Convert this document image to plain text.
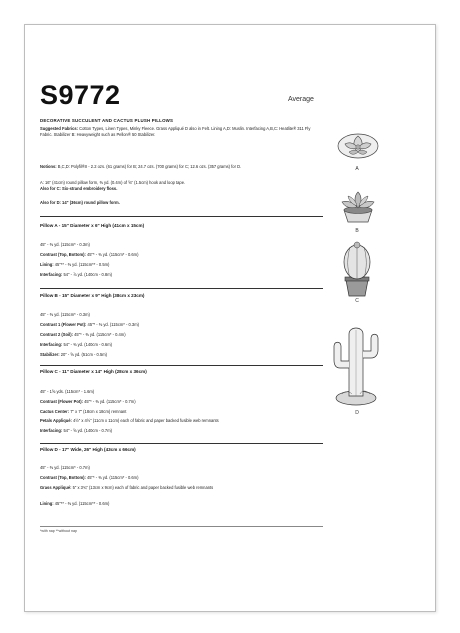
S9772	Average
DECORATIVE SUCCULENT AND CACTUS PLUSH PILLOWS
Suggested Fabrics: Cotton Types, Linen Types, Minky Fleece. Grass Appliqué D also in Felt. Lining A,D: Muslin. Interfacing A,B,C: Heatlite® 311 Fly Fabric. Stabilizer B: Heavyweight such as Pellon® 50 Stabilizer.
Notions: B,C,D: Polyfil®II - 2.2 ozs. (61 grams) for B; 24.7 ozs. (700 grams) for C; 12.6 ozs. (357 grams) for D.
A: 16" (41cm) round pillow form, ⅜ yd. (0.4m) of ⅝" (1.5cm) hook and loop tape.
Also for C: Six-strand embroidery floss.
Also for D: 14" (36cm) round pillow form.
Pillow A - 15" Diameter x 6" High (41cm x 15cm)
45" - ⅜ yd. (115cm* - 0.3m)
Contrast (Top, Bottom): 45"* - ⅜ yd. (115cm* - 0.6m)
Lining: 45"** - ⅜ yd. (115cm** - 0.5m)
Interfacing: 54" - ⅞ yd. (140cm - 0.8m)
Pillow B - 15" Diameter x 9" High (38cm x 23cm)
45" - ⅜ yd. (115cm* - 0.3m)
Contrast 1 (Flower Pot): 45"* - ⅜ yd. (115cm* - 0.3m)
Contrast 2 (Soil): 45"* - ⅜ yd. (115cm* - 0.4m)
Interfacing: 54" - ⅜ yd. (140cm - 0.6m)
Stabilizer: 20" - ⅝ yd. (51cm - 0.5m)
Pillow C - 11" Diameter x 14" High (28cm x 36cm)
45" - 1⅝ yds. (115cm* - 1.6m)
Contrast (Flower Pot): 45"* - ⅜ yd. (115cm* - 0.7m)
Cactus Center: 7" x 7" (18cm x 18cm) remnant
Petals Appliqué: 4½" x 4½" (11cm x 11cm) each of fabric and paper backed fusible web remnants
Interfacing: 54" - ⅝ yd. (140cm - 0.7m)
Pillow D - 17" Wide, 26" High (43cm x 66cm)
45" - ⅜ yd. (115cm* - 0.7m)
Contrast (Top, Bottom): 45"* - ⅜ yd. (115cm* - 0.6m)
Grass Appliqué: 5" x 3¾" (13cm x 9cm) each of fabric and paper backed fusible web remnants
Lining: 45"** - ⅜ yd. (115cm** - 0.6m)
*with nap **without nap
A
B
C
D
